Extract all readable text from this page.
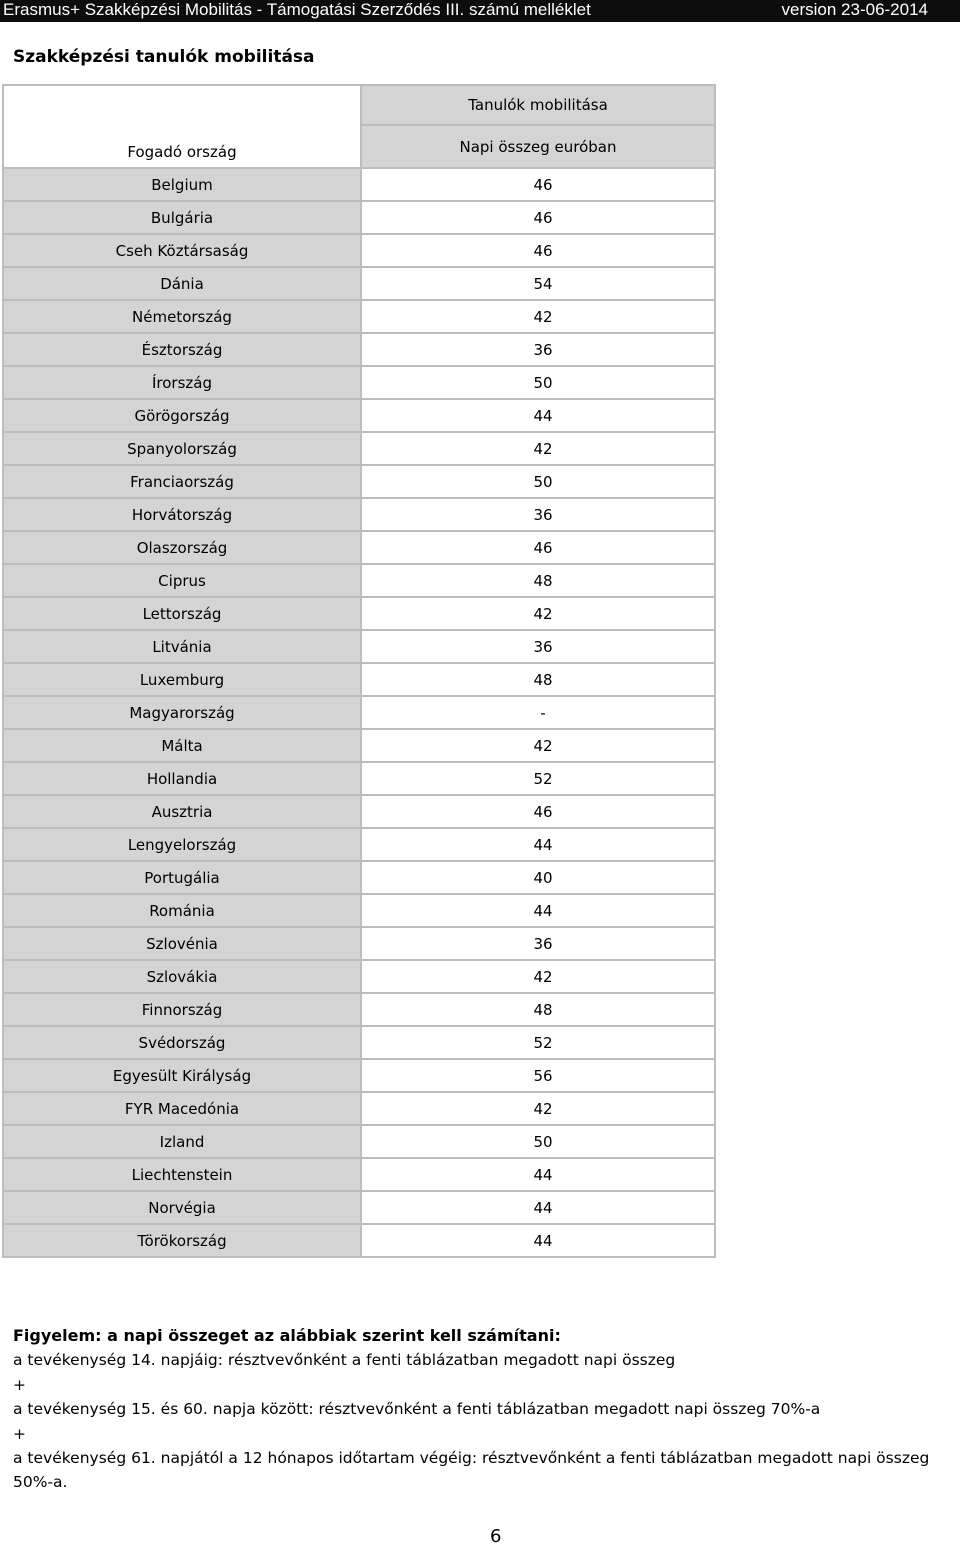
Erasmus+ Szakképzési Mobilitás - Támogatási Szerződés III. számú melléklet	version 23-06-2014
Szakképzési tanulók mobilitása
	Tanulók mobilitása
Fogadó ország	Napi összeg euróban
Belgium	46
Bulgária	46
Cseh Köztársaság	46
Dánia	54
Németország	42
Észtország	36
Írország	50
Görögország	44
Spanyolország	42
Franciaország	50
Horvátország	36
Olaszország	46
Ciprus	48
Lettország	42
Litvánia	36
Luxemburg	48
Magyarország	-
Málta	42
Hollandia	52
Ausztria	46
Lengyelország	44
Portugália	40
Románia	44
Szlovénia	36
Szlovákia	42
Finnország	48
Svédország	52
Egyesült Királyság	56
FYR Macedónia	42
Izland	50
Liechtenstein	44
Norvégia	44
Törökország	44

Figyelem: a napi összeget az alábbiak szerint kell számítani:

a tevékenység 14. napjáig: résztvevőnként a fenti táblázatban megadott napi összeg

+

a tevékenység 15. és 60. napja között: résztvevőnként a fenti táblázatban megadott napi összeg 70%-a

+

a tevékenység 61. napjától a 12 hónapos időtartam végéig: résztvevőnként a fenti táblázatban megadott napi összeg 50%-a.

6
